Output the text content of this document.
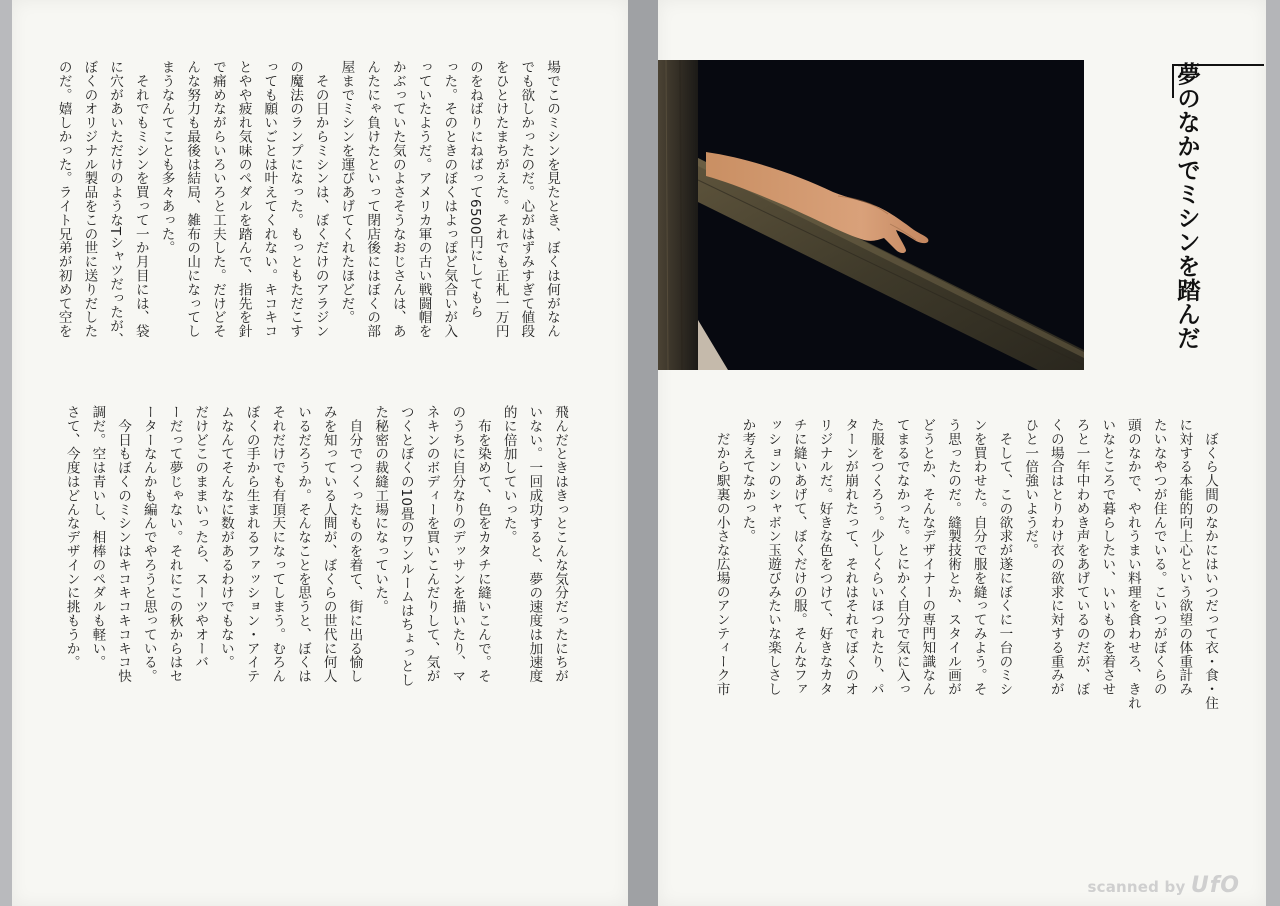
場でこのミシンを見たとき、ぼくは何がなん
でも欲しかったのだ。心がはずみすぎて値段
をひとけたまちがえた。それでも正札一万円
のをねばりにねばって6500円にしてもら
った。そのときのぼくはよっぽど気合いが入
っていたようだ。アメリカ軍の古い戦闘帽を
かぶっていた気のよさそうなおじさんは、あ
んたにゃ負けたといって閉店後にはぼくの部
屋までミシンを運びあげてくれたほどだ。
　その日からミシンは、ぼくだけのアラジン
の魔法のランプになった。もっともただこす
っても願いごとは叶えてくれない。キコキコ
とやや疲れ気味のペダルを踏んで、指先を針
で痛めながらいろいろと工夫した。だけどそ
んな努力も最後は結局、雑布の山になってし
まうなんてことも多々あった。
　それでもミシンを買って一か月目には、袋
に穴があいただけのようなTシャツだったが、
ぼくのオリジナル製品をこの世に送りだした
のだ。嬉しかった。ライト兄弟が初めて空を

飛んだときはきっとこんな気分だったにちが
いない。一回成功すると、夢の速度は加速度
的に倍加していった。
　布を染めて、色をカタチに縫いこんで。そ
のうちに自分なりのデッサンを描いたり、マ
ネキンのボディーを買いこんだりして、気が
つくとぼくの10畳のワンルームはちょっとし
た秘密の裁縫工場になっていた。
　自分でつくったものを着て、街に出る愉し
みを知っている人間が、ぼくらの世代に何人
いるだろうか。そんなことを思うと、ぼくは
それだけでも有頂天になってしまう。むろん
ぼくの手から生まれるファッション・アイテ
ムなんてそんなに数があるわけでもない。
だけどこのままいったら、スーツやオーバ
ーだって夢じゃない。それにこの秋からはセ
ーターなんかも編んでやろうと思っている。
　今日もぼくのミシンはキコキコキコキコ快
調だ。空は青いし、相棒のペダルも軽い。
さて、今度はどんなデザインに挑もうか。

夢のなかでミシンを踏んだ

　ぼくら人間のなかにはいつだって衣・食・住
に対する本能的向上心という欲望の体重計み
たいなやつが住んでいる。こいつがぼくらの
頭のなかで、やれうまい料理を食わせろ、きれ
いなところで暮らしたい、いいものを着させ
ろと一年中わめき声をあげているのだが、ぼ
くの場合はとりわけ衣の欲求に対する重みが
ひと一倍強いようだ。
　そして、この欲求が遂にぼくに一台のミシ
ンを買わせた。自分で服を縫ってみよう。そ
う思ったのだ。縫製技術とか、スタイル画が
どうとか、そんなデザイナーの専門知識なん
てまるでなかった。とにかく自分で気に入っ
た服をつくろう。少しくらいほつれたり、パ
ターンが崩れたって、それはそれでぼくのオ
リジナルだ。好きな色をつけて、好きなカタ
チに縫いあげて、ぼくだけの服。そんなファ
ッションのシャボン玉遊びみたいな楽しさし
か考えてなかった。
　だから駅裏の小さな広場のアンティーク市

scanned by UfO
